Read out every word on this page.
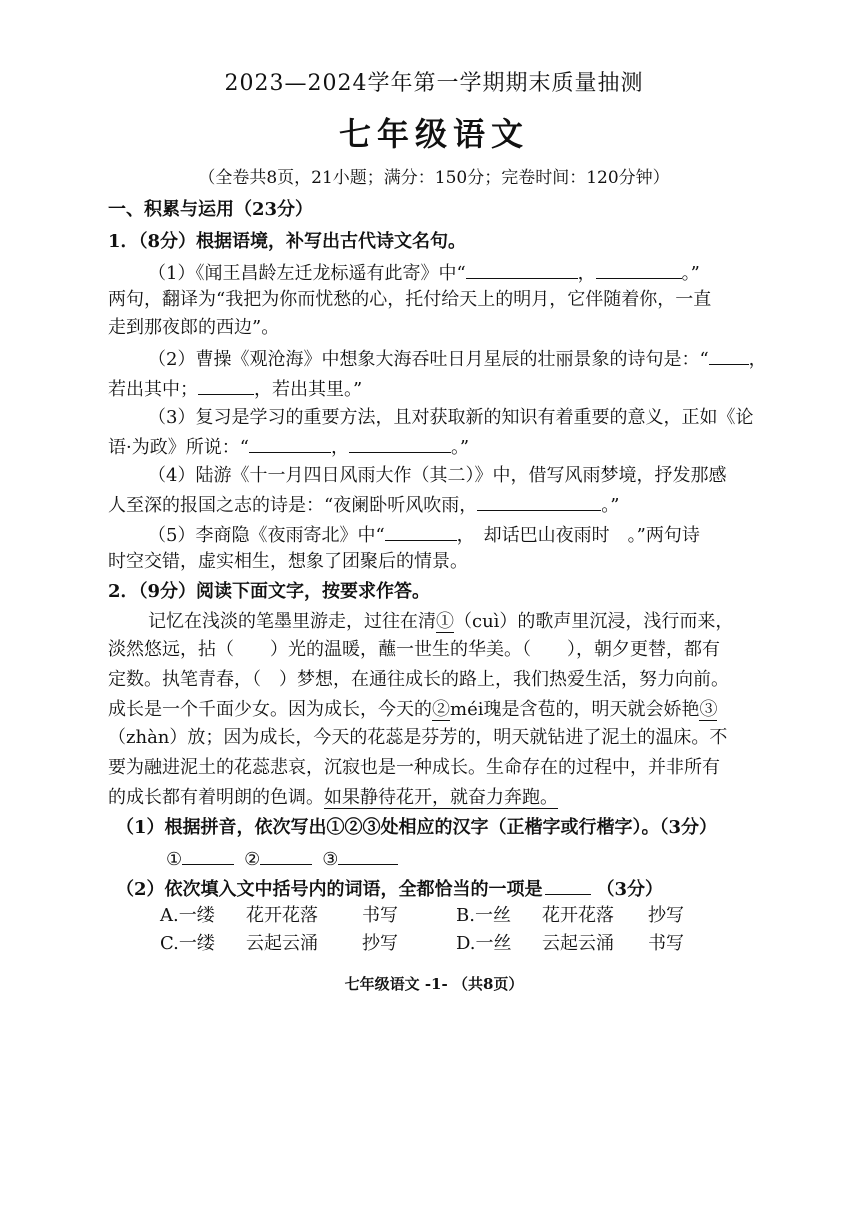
2023—2024学年第一学期期末质量抽测
七年级语文
（全卷共8页，21小题；满分：150分；完卷时间：120分钟）
一、积累与运用（23分）
1．（8分）根据语境，补写出古代诗文名句。
（1）《闻王昌龄左迁龙标遥有此寄》中“	，	。”
两句，翻译为“我把为你而忧愁的心，托付给天上的明月，它伴随着你，一直
走到那夜郎的西边”。
（2）曹操《观沧海》中想象大海吞吐日月星辰的壮丽景象的诗句是：“ ，
若出其中；	，若出其里。”
（3）复习是学习的重要方法，且对获取新的知识有着重要的意义，正如《论
语·为政》所说：“	，	。”
（4）陆游《十一月四日风雨大作（其二）》中，借写风雨梦境，抒发那感
人至深的报国之志的诗是：“夜阑卧听风吹雨，	。”
（5）李商隐《夜雨寄北》中“	，　却话巴山夜雨时　。”两句诗
时空交错，虚实相生，想象了团聚后的情景。
2．（9分）阅读下面文字，按要求作答。
记忆在浅淡的笔墨里游走，过往在清①（cuì）的歌声里沉浸，浅行而来，
淡然悠远，拈（　　）光的温暖，蘸一世生的华美。（　　），朝夕更替，都有
定数。执笔青春，（　）梦想，在通往成长的路上，我们热爱生活，努力向前。
成长是一个千面少女。因为成长，今天的②méi瑰是含苞的，明天就会娇艳③
（zhàn）放；因为成长，今天的花蕊是芬芳的，明天就钻进了泥土的温床。不
要为融进泥土的花蕊悲哀，沉寂也是一种成长。生命存在的过程中，并非所有
的成长都有着明朗的色调。如果静待花开，就奋力奔跑。
（1）根据拼音，依次写出①②③处相应的汉字（正楷字或行楷字）。（3分）
①	②	③
（2）依次填入文中括号内的词语，全都恰当的一项是	（3分）
A.一缕 花开花落 书写	B.一丝 花开花落 抄写
C.一缕 云起云涌 抄写	D.一丝 云起云涌 书写
七年级语文 -1- （共8页）
